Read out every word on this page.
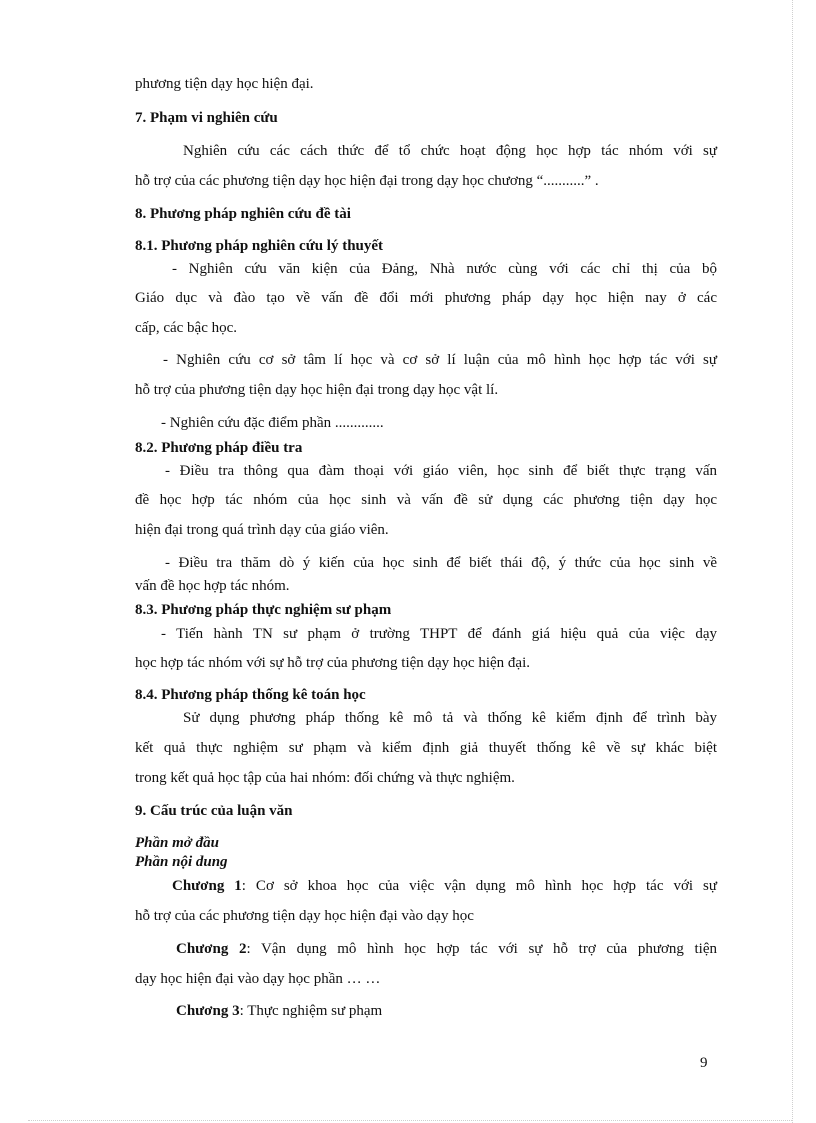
phương tiện dạy học hiện đại.
7. Phạm vi nghiên cứu
Nghiên cứu các cách thức để tổ chức hoạt động học hợp tác nhóm với sự
hỗ trợ của các phương tiện dạy học hiện đại trong dạy học chương “...........” .
8. Phương pháp nghiên cứu đề tài
8.1. Phương pháp nghiên cứu lý thuyết
- Nghiên cứu văn kiện của Đảng, Nhà nước cùng với các chỉ thị của bộ
Giáo dục và đào tạo về vấn đề đổi mới phương pháp dạy học hiện nay ở các
cấp, các bậc học.
- Nghiên cứu cơ sở tâm lí học và cơ sở lí luận của mô hình học hợp tác với sự
hỗ trợ của phương tiện dạy học hiện đại trong dạy học vật lí.
- Nghiên cứu đặc điểm phần .............
8.2. Phương pháp điều tra
- Điều tra thông qua đàm thoại với giáo viên, học sinh để biết thực trạng vấn
đề học hợp tác nhóm của học sinh và vấn đề sử dụng các phương tiện dạy học
hiện đại trong quá trình dạy của giáo viên.
- Điều tra thăm dò ý kiến của học sinh để biết thái độ, ý thức của học sinh về
vấn đề học hợp tác nhóm.
8.3. Phương pháp thực nghiệm sư phạm
- Tiến hành TN sư phạm ở trường THPT để đánh giá hiệu quả của việc dạy
học hợp tác nhóm với sự hỗ trợ của phương tiện dạy học hiện đại.
8.4. Phương pháp thống kê toán học
Sử dụng phương pháp thống kê mô tả và thống kê kiểm định để trình bày
kết quả thực nghiệm sư phạm và kiểm định giả thuyết thống kê về sự khác biệt
trong kết quả học tập của hai nhóm: đối chứng và thực nghiệm.
9. Cấu trúc của luận văn
Phần mở đầu
Phần nội dung
Chương 1: Cơ sở khoa học của việc vận dụng mô hình học hợp tác với sự
hỗ trợ của các phương tiện dạy học hiện đại vào dạy học
Chương 2: Vận dụng mô hình học hợp tác với sự hỗ trợ của phương tiện
dạy học hiện đại vào dạy học phần … …
Chương 3: Thực nghiệm sư phạm
9
